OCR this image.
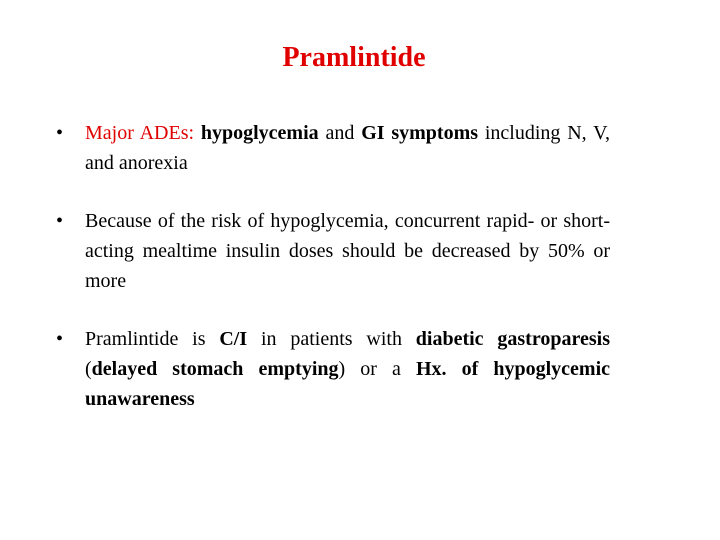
Pramlintide
• Major ADEs: hypoglycemia and GI symptoms including N, V, and anorexia
• Because of the risk of hypoglycemia, concurrent rapid- or short-acting mealtime insulin doses should be decreased by 50% or more
• Pramlintide is C/I in patients with diabetic gastroparesis (delayed stomach emptying) or a Hx. of hypoglycemic unawareness
